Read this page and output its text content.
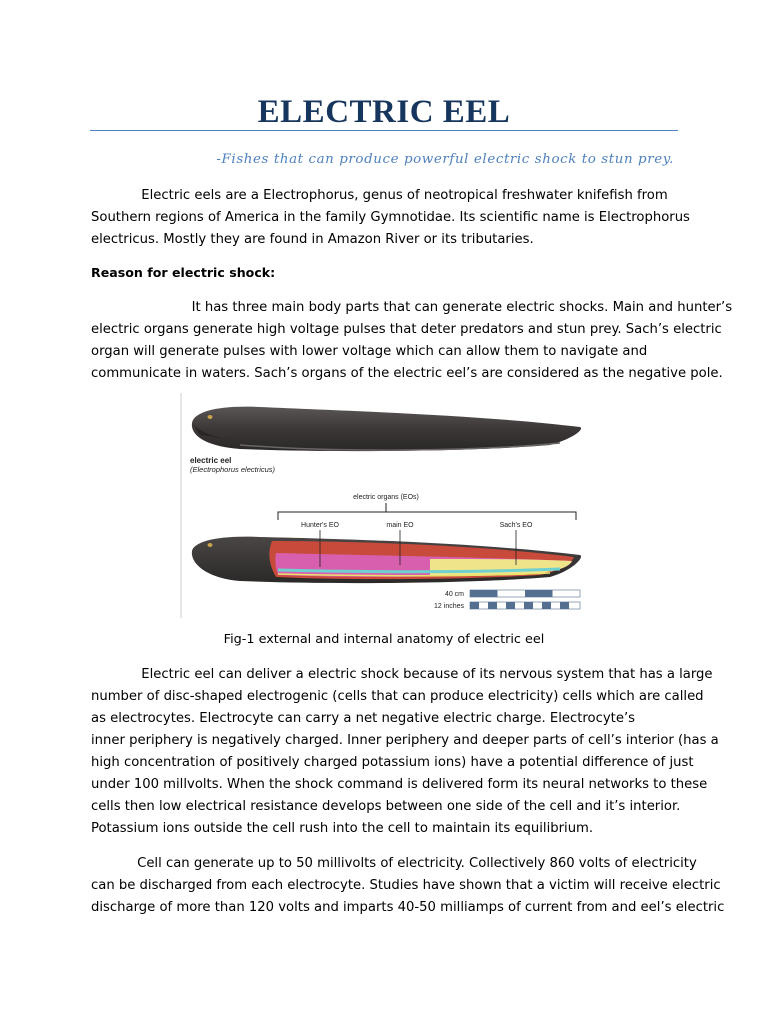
ELECTRIC EEL
-Fishes that can produce powerful electric shock to stun prey.
Electric eels are a Electrophorus, genus of neotropical freshwater knifefish from
Southern regions of America in the family Gymnotidae. Its scientific name is Electrophorus
electricus. Mostly they are found in Amazon River or its tributaries.
Reason for electric shock:
It has three main body parts that can generate electric shocks. Main and hunter’s
electric organs generate high voltage pulses that deter predators and stun prey. Sach’s electric
organ will generate pulses with lower voltage which can allow them to navigate and
communicate in waters. Sach’s organs of the electric eel’s are considered as the negative pole.
electric eel
(Electrophorus electricus)
electric organs (EOs)
Hunter's EO	main EO	Sach's EO
40 cm
12 inches
Fig-1 external and internal anatomy of electric eel
Electric eel can deliver a electric shock because of its nervous system that has a large
number of disc-shaped electrogenic (cells that can produce electricity) cells which are called
as electrocytes. Electrocyte can carry a net negative electric charge. Electrocyte’s
inner periphery is negatively charged. Inner periphery and deeper parts of cell’s interior (has a
high concentration of positively charged potassium ions) have a potential difference of just
under 100 millvolts. When the shock command is delivered form its neural networks to these
cells then low electrical resistance develops between one side of the cell and it’s interior.
Potassium ions outside the cell rush into the cell to maintain its equilibrium.
Cell can generate up to 50 millivolts of electricity. Collectively 860 volts of electricity
can be discharged from each electrocyte. Studies have shown that a victim will receive electric
discharge of more than 120 volts and imparts 40-50 milliamps of current from and eel’s electric
